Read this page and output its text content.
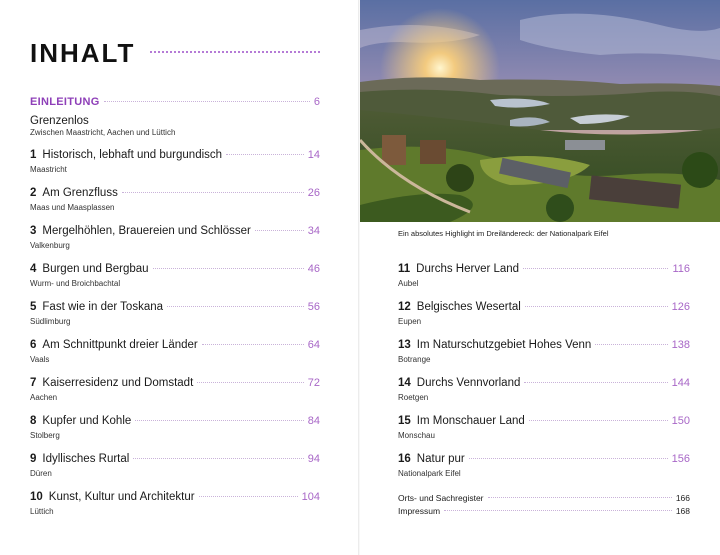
INHALT
EINLEITUNG	6
Grenzenlos
Zwischen Maastricht, Aachen und Lüttich
1 Historisch, lebhaft und burgundisch	14
Maastricht
2 Am Grenzfluss	26
Maas und Maasplassen
3 Mergelhöhlen, Brauereien und Schlösser	34
Valkenburg
4 Burgen und Bergbau	46
Wurm- und Broichbachtal
5 Fast wie in der Toskana	56
Südlimburg
6 Am Schnittpunkt dreier Länder	64
Vaals
7 Kaiserresidenz und Domstadt	72
Aachen
8 Kupfer und Kohle	84
Stolberg
9 Idyllisches Rurtal	94
Düren
10 Kunst, Kultur und Architektur	104
Lüttich
Ein absolutes Highlight im Dreiländereck: der Nationalpark Eifel
11 Durchs Herver Land	116
Aubel
12 Belgisches Wesertal	126
Eupen
13 Im Naturschutzgebiet Hohes Venn	138
Botrange
14 Durchs Vennvorland	144
Roetgen
15 Im Monschauer Land	150
Monschau
16 Natur pur	156
Nationalpark Eifel
Orts- und Sachregister	166
Impressum	168
